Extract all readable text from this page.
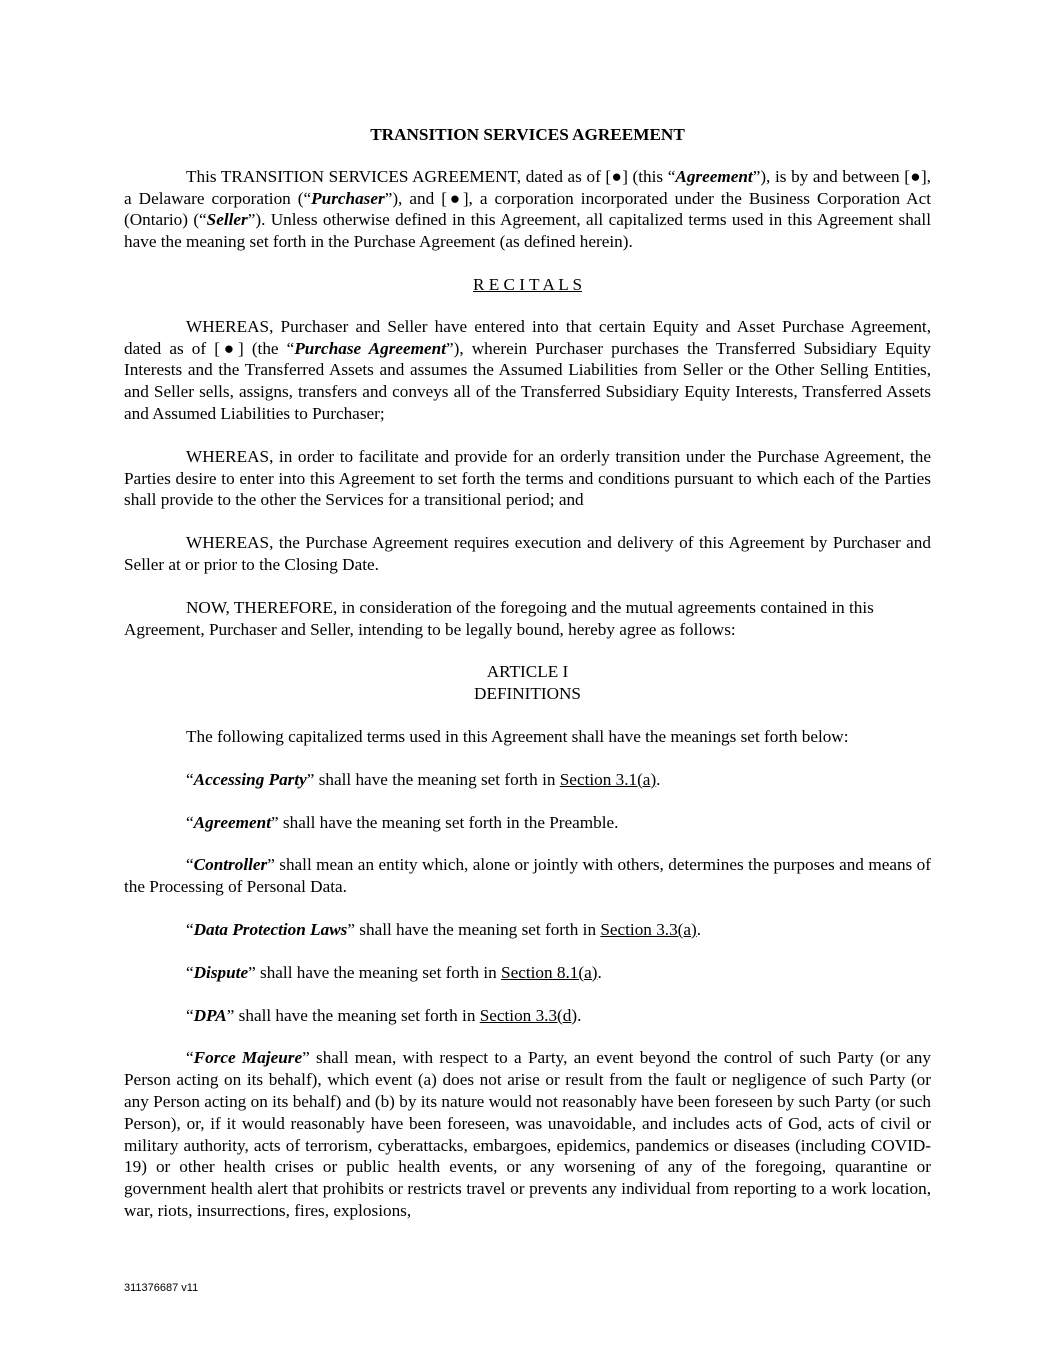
TRANSITION SERVICES AGREEMENT

This TRANSITION SERVICES AGREEMENT, dated as of [●] (this “Agreement”), is by and between [●], a Delaware corporation (“Purchaser”), and [●], a corporation incorporated under the Business Corporation Act (Ontario) (“Seller”). Unless otherwise defined in this Agreement, all capitalized terms used in this Agreement shall have the meaning set forth in the Purchase Agreement (as defined herein).

R E C I T A L S

WHEREAS, Purchaser and Seller have entered into that certain Equity and Asset Purchase Agreement, dated as of [●] (the “Purchase Agreement”), wherein Purchaser purchases the Transferred Subsidiary Equity Interests and the Transferred Assets and assumes the Assumed Liabilities from Seller or the Other Selling Entities, and Seller sells, assigns, transfers and conveys all of the Transferred Subsidiary Equity Interests, Transferred Assets and Assumed Liabilities to Purchaser;

WHEREAS, in order to facilitate and provide for an orderly transition under the Purchase Agreement, the Parties desire to enter into this Agreement to set forth the terms and conditions pursuant to which each of the Parties shall provide to the other the Services for a transitional period; and

WHEREAS, the Purchase Agreement requires execution and delivery of this Agreement by Purchaser and Seller at or prior to the Closing Date.

NOW, THEREFORE, in consideration of the foregoing and the mutual agreements contained in this Agreement, Purchaser and Seller, intending to be legally bound, hereby agree as follows:

ARTICLE I
DEFINITIONS

The following capitalized terms used in this Agreement shall have the meanings set forth below:

“Accessing Party” shall have the meaning set forth in Section 3.1(a).

“Agreement” shall have the meaning set forth in the Preamble.

“Controller” shall mean an entity which, alone or jointly with others, determines the purposes and means of the Processing of Personal Data.

“Data Protection Laws” shall have the meaning set forth in Section 3.3(a).

“Dispute” shall have the meaning set forth in Section 8.1(a).

“DPA” shall have the meaning set forth in Section 3.3(d).

“Force Majeure” shall mean, with respect to a Party, an event beyond the control of such Party (or any Person acting on its behalf), which event (a) does not arise or result from the fault or negligence of such Party (or any Person acting on its behalf) and (b) by its nature would not reasonably have been foreseen by such Party (or such Person), or, if it would reasonably have been foreseen, was unavoidable, and includes acts of God, acts of civil or military authority, acts of terrorism, cyberattacks, embargoes, epidemics, pandemics or diseases (including COVID-19) or other health crises or public health events, or any worsening of any of the foregoing, quarantine or government health alert that prohibits or restricts travel or prevents any individual from reporting to a work location, war, riots, insurrections, fires, explosions,

311376687 v11
